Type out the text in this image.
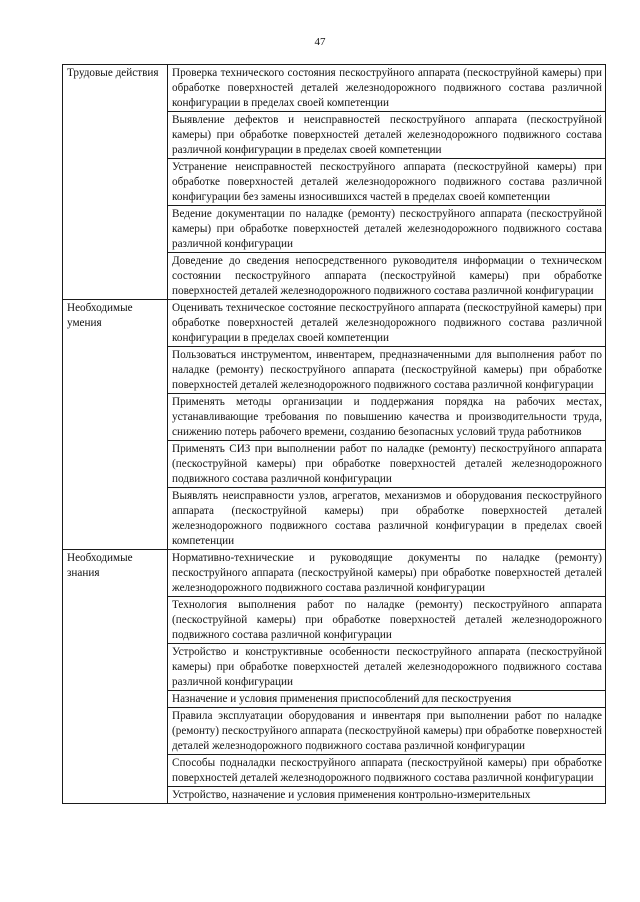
47
Трудовые действия	Проверка технического состояния пескоструйного аппарата (пескоструйной камеры) при обработке поверхностей деталей железнодорожного подвижного состава различной конфигурации в пределах своей компетенции
	Выявление дефектов и неисправностей пескоструйного аппарата (пескоструйной камеры) при обработке поверхностей деталей железнодорожного подвижного состава различной конфигурации в пределах своей компетенции
	Устранение неисправностей пескоструйного аппарата (пескоструйной камеры) при обработке поверхностей деталей железнодорожного подвижного состава различной конфигурации без замены износившихся частей в пределах своей компетенции
	Ведение документации по наладке (ремонту) пескоструйного аппарата (пескоструйной камеры) при обработке поверхностей деталей железнодорожного подвижного состава различной конфигурации
	Доведение до сведения непосредственного руководителя информации о техническом состоянии пескоструйного аппарата (пескоструйной камеры) при обработке поверхностей деталей железнодорожного подвижного состава различной конфигурации
Необходимые умения	Оценивать техническое состояние пескоструйного аппарата (пескоструйной камеры) при обработке поверхностей деталей железнодорожного подвижного состава различной конфигурации в пределах своей компетенции
	Пользоваться инструментом, инвентарем, предназначенными для выполнения работ по наладке (ремонту) пескоструйного аппарата (пескоструйной камеры) при обработке поверхностей деталей железнодорожного подвижного состава различной конфигурации
	Применять методы организации и поддержания порядка на рабочих местах, устанавливающие требования по повышению качества и производительности труда, снижению потерь рабочего времени, созданию безопасных условий труда работников
	Применять СИЗ при выполнении работ по наладке (ремонту) пескоструйного аппарата (пескоструйной камеры) при обработке поверхностей деталей железнодорожного подвижного состава различной конфигурации
	Выявлять неисправности узлов, агрегатов, механизмов и оборудования пескоструйного аппарата (пескоструйной камеры) при обработке поверхностей деталей железнодорожного подвижного состава различной конфигурации в пределах своей компетенции
Необходимые знания	Нормативно-технические и руководящие документы по наладке (ремонту) пескоструйного аппарата (пескоструйной камеры) при обработке поверхностей деталей железнодорожного подвижного состава различной конфигурации
	Технология выполнения работ по наладке (ремонту) пескоструйного аппарата (пескоструйной камеры) при обработке поверхностей деталей железнодорожного подвижного состава различной конфигурации
	Устройство и конструктивные особенности пескоструйного аппарата (пескоструйной камеры) при обработке поверхностей деталей железнодорожного подвижного состава различной конфигурации
	Назначение и условия применения приспособлений для пескоструения
	Правила эксплуатации оборудования и инвентаря при выполнении работ по наладке (ремонту) пескоструйного аппарата (пескоструйной камеры) при обработке поверхностей деталей железнодорожного подвижного состава различной конфигурации
	Способы подналадки пескоструйного аппарата (пескоструйной камеры) при обработке поверхностей деталей железнодорожного подвижного состава различной конфигурации
	Устройство, назначение и условия применения контрольно-измерительных
